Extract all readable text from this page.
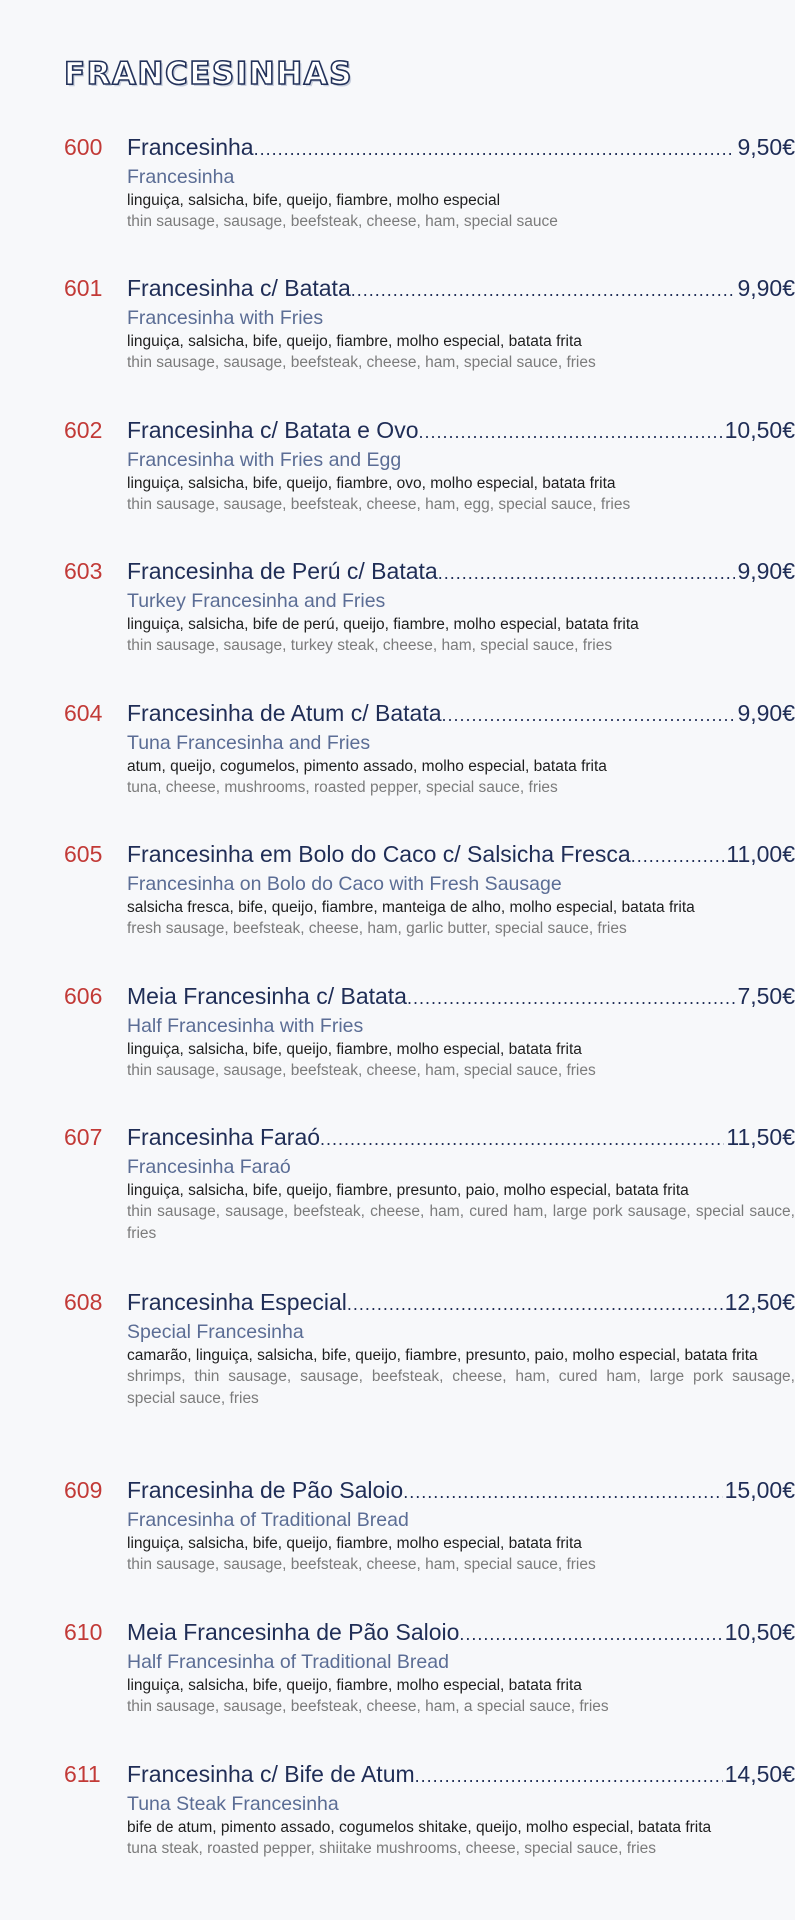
FRANCESINHAS
600 Francesinha .....	9,50€
Francesinha
linguiça, salsicha, bife, queijo, fiambre, molho especial
thin sausage, sausage, beefsteak, cheese, ham, special sauce
601 Francesinha c/ Batata .....	9,90€
Francesinha with Fries
linguiça, salsicha, bife, queijo, fiambre, molho especial, batata frita
thin sausage, sausage, beefsteak, cheese, ham, special sauce, fries
602 Francesinha c/ Batata e Ovo .....	10,50€
Francesinha with Fries and Egg
linguiça, salsicha, bife, queijo, fiambre, ovo, molho especial, batata frita
thin sausage, sausage, beefsteak, cheese, ham, egg, special sauce, fries
603 Francesinha de Perú c/ Batata .....	9,90€
Turkey Francesinha and Fries
linguiça, salsicha, bife de perú, queijo, fiambre, molho especial, batata frita
thin sausage, sausage, turkey steak, cheese, ham, special sauce, fries
604 Francesinha de Atum c/ Batata .....	9,90€
Tuna Francesinha and Fries
atum, queijo, cogumelos, pimento assado, molho especial, batata frita
tuna, cheese, mushrooms, roasted pepper, special sauce, fries
605 Francesinha em Bolo do Caco c/ Salsicha Fresca .....	11,00€
Francesinha on Bolo do Caco with Fresh Sausage
salsicha fresca, bife, queijo, fiambre, manteiga de alho, molho especial, batata frita
fresh sausage, beefsteak, cheese, ham, garlic butter, special sauce, fries
606 Meia Francesinha c/ Batata .....	7,50€
Half Francesinha with Fries
linguiça, salsicha, bife, queijo, fiambre, molho especial, batata frita
thin sausage, sausage, beefsteak, cheese, ham, special sauce, fries
607 Francesinha Faraó .....	11,50€
Francesinha Faraó
linguiça, salsicha, bife, queijo, fiambre, presunto, paio, molho especial, batata frita
thin sausage, sausage, beefsteak, cheese, ham, cured ham, large pork sausage, special sauce, fries
608 Francesinha Especial .....	12,50€
Special Francesinha
camarão, linguiça, salsicha, bife, queijo, fiambre, presunto, paio, molho especial, batata frita
shrimps, thin sausage, sausage, beefsteak, cheese, ham, cured ham, large pork sausage, special sauce, fries
609 Francesinha de Pão Saloio .....	15,00€
Francesinha of Traditional Bread
linguiça, salsicha, bife, queijo, fiambre, molho especial, batata frita
thin sausage, sausage, beefsteak, cheese, ham, special sauce, fries
610 Meia Francesinha de Pão Saloio .....	10,50€
Half Francesinha of Traditional Bread
linguiça, salsicha, bife, queijo, fiambre, molho especial, batata frita
thin sausage, sausage, beefsteak, cheese, ham, a special sauce, fries
611 Francesinha c/ Bife de Atum .....	14,50€
Tuna Steak Francesinha
bife de atum, pimento assado, cogumelos shitake, queijo, molho especial, batata frita
tuna steak, roasted pepper, shiitake mushrooms, cheese, special sauce, fries
